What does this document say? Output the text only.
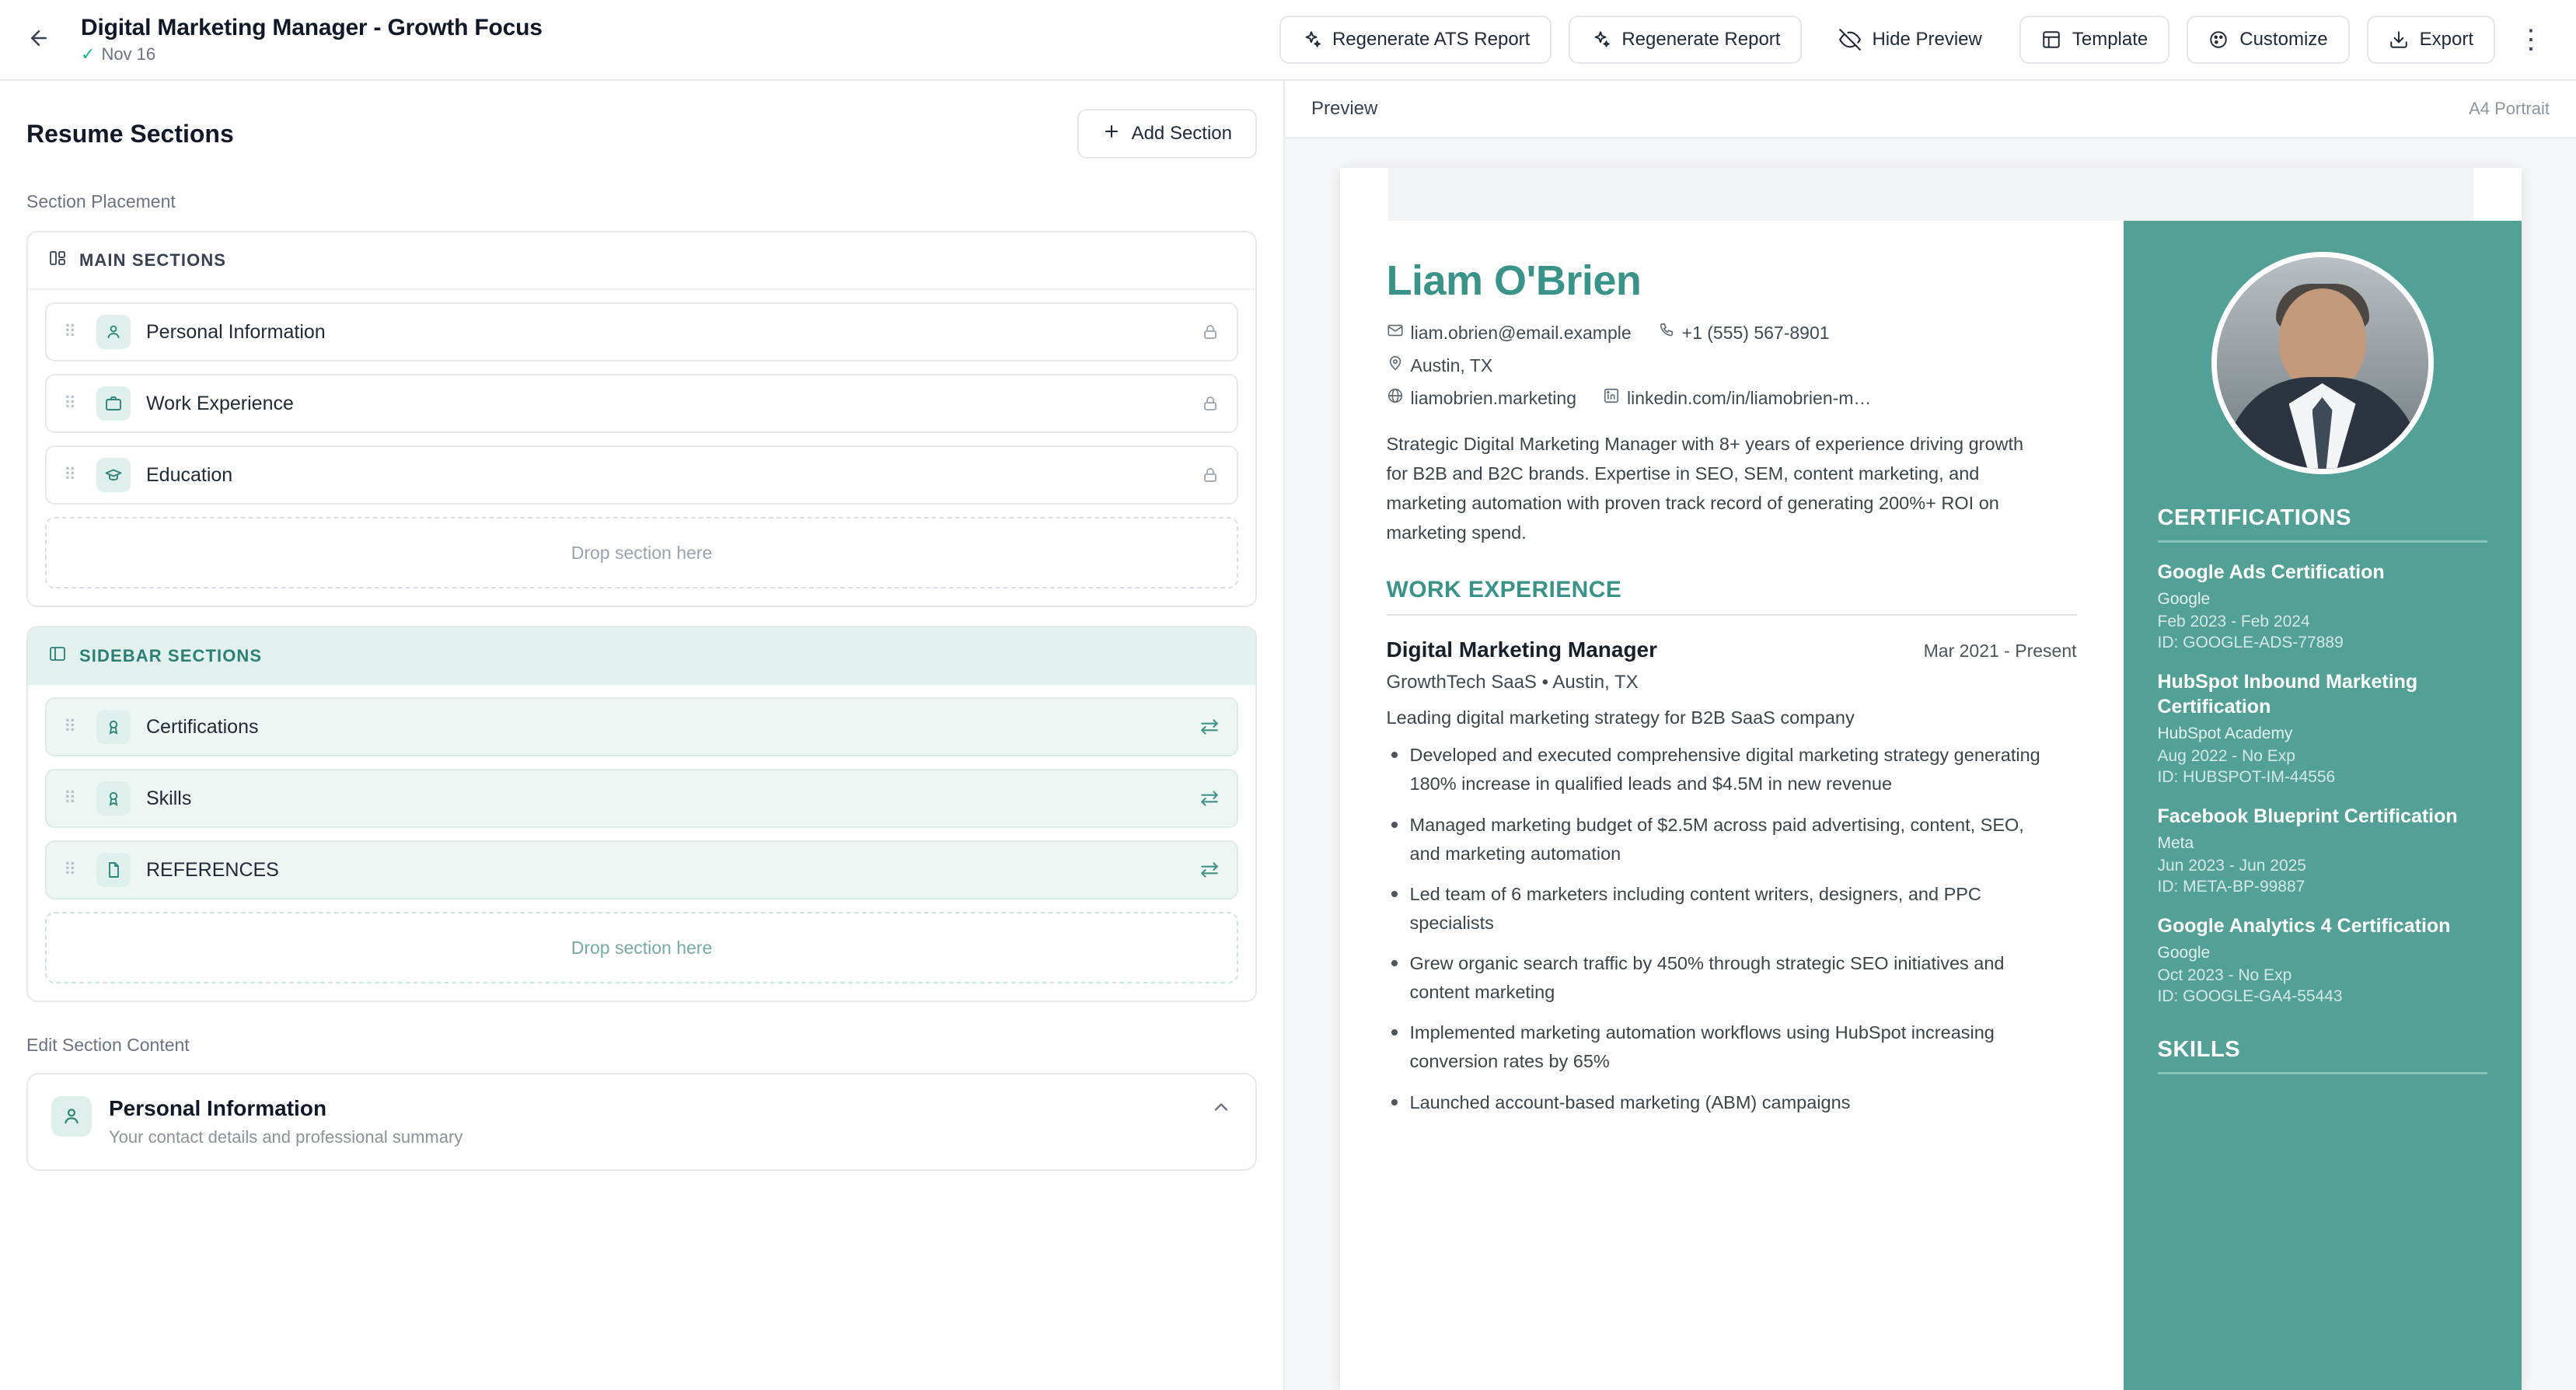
Digital Marketing Manager - Growth Focus
✓ Nov 16
Regenerate ATS Report	Regenerate Report	Hide Preview	Template	Customize	Export ⋮
Resume Sections	Add Section
Section Placement
MAIN SECTIONS
⠿	Personal Information
⠿	Work Experience
⠿	Education
Drop section here
SIDEBAR SECTIONS
⠿	Certifications
⠿	Skills
⠿	REFERENCES
Drop section here
Edit Section Content
Personal Information
Your contact details and professional summary
Preview	A4 Portrait
Liam O'Brien
liam.obrien@email.example	+1 (555) 567-8901
Austin, TX
liamobrien.marketing	linkedin.com/in/liamobrien-m…
Strategic Digital Marketing Manager with 8+ years of experience driving growth for B2B and B2C brands. Expertise in SEO, SEM, content marketing, and marketing automation with proven track record of generating 200%+ ROI on marketing spend.
WORK EXPERIENCE
Digital Marketing Manager	Mar 2021 - Present
GrowthTech SaaS • Austin, TX
Leading digital marketing strategy for B2B SaaS company
Developed and executed comprehensive digital marketing strategy generating 180% increase in qualified leads and $4.5M in new revenue
Managed marketing budget of $2.5M across paid advertising, content, SEO, and marketing automation
Led team of 6 marketers including content writers, designers, and PPC specialists
Grew organic search traffic by 450% through strategic SEO initiatives and content marketing
Implemented marketing automation workflows using HubSpot increasing conversion rates by 65%
Launched account-based marketing (ABM) campaigns
CERTIFICATIONS
Google Ads Certification
Google
Feb 2023 - Feb 2024
ID: GOOGLE-ADS-77889
HubSpot Inbound Marketing Certification
HubSpot Academy
Aug 2022 - No Exp
ID: HUBSPOT-IM-44556
Facebook Blueprint Certification
Meta
Jun 2023 - Jun 2025
ID: META-BP-99887
Google Analytics 4 Certification
Google
Oct 2023 - No Exp
ID: GOOGLE-GA4-55443
SKILLS
